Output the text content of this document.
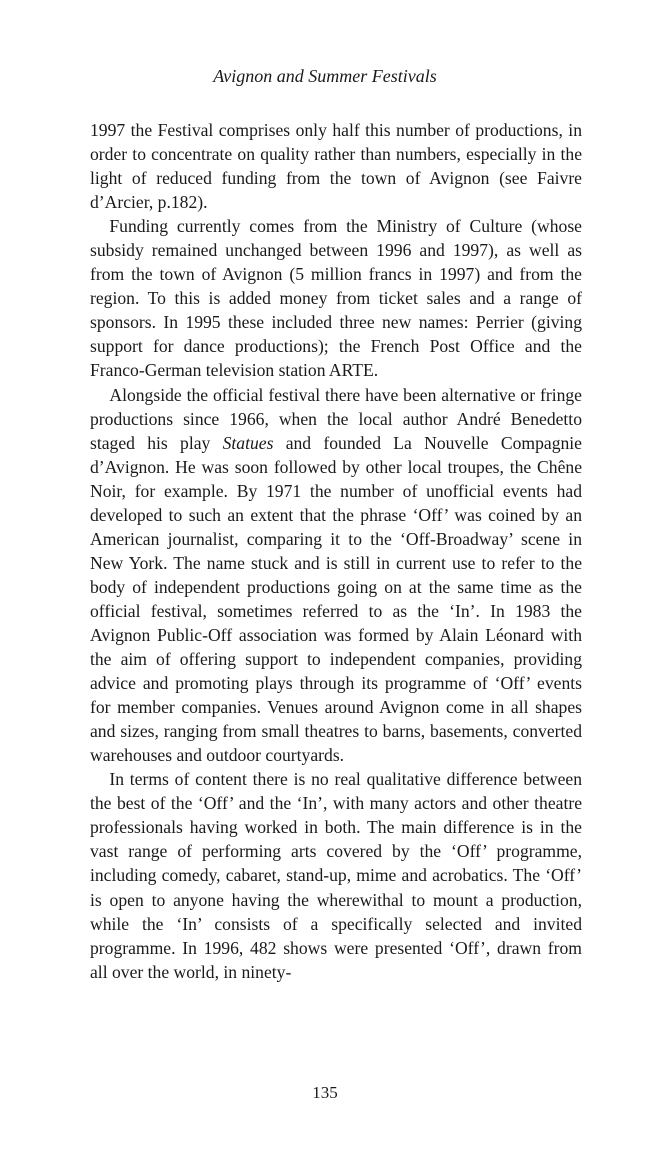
Avignon and Summer Festivals

1997 the Festival comprises only half this number of productions, in order to concentrate on quality rather than numbers, especially in the light of reduced funding from the town of Avignon (see Faivre d’Arcier, p.182).

Funding currently comes from the Ministry of Culture (whose subsidy remained unchanged between 1996 and 1997), as well as from the town of Avignon (5 million francs in 1997) and from the region. To this is added money from ticket sales and a range of sponsors. In 1995 these included three new names: Perrier (giving support for dance productions); the French Post Office and the Franco-German television station ARTE.

Alongside the official festival there have been alternative or fringe productions since 1966, when the local author André Benedetto staged his play Statues and founded La Nouvelle Compagnie d’Avignon. He was soon followed by other local troupes, the Chêne Noir, for example. By 1971 the number of unofficial events had developed to such an extent that the phrase ‘Off’ was coined by an American journalist, comparing it to the ‘Off-Broadway’ scene in New York. The name stuck and is still in current use to refer to the body of independent productions going on at the same time as the official festival, sometimes referred to as the ‘In’. In 1983 the Avignon Public-Off association was formed by Alain Léonard with the aim of offering support to independent companies, providing advice and promoting plays through its programme of ‘Off’ events for member companies. Venues around Avignon come in all shapes and sizes, ranging from small theatres to barns, basements, converted warehouses and outdoor courtyards.

In terms of content there is no real qualitative difference between the best of the ‘Off’ and the ‘In’, with many actors and other theatre professionals having worked in both. The main difference is in the vast range of performing arts covered by the ‘Off’ programme, including comedy, cabaret, stand-up, mime and acrobatics. The ‘Off’ is open to anyone having the wherewithal to mount a production, while the ‘In’ consists of a specifically selected and invited programme. In 1996, 482 shows were presented ‘Off’, drawn from all over the world, in ninety-

135
